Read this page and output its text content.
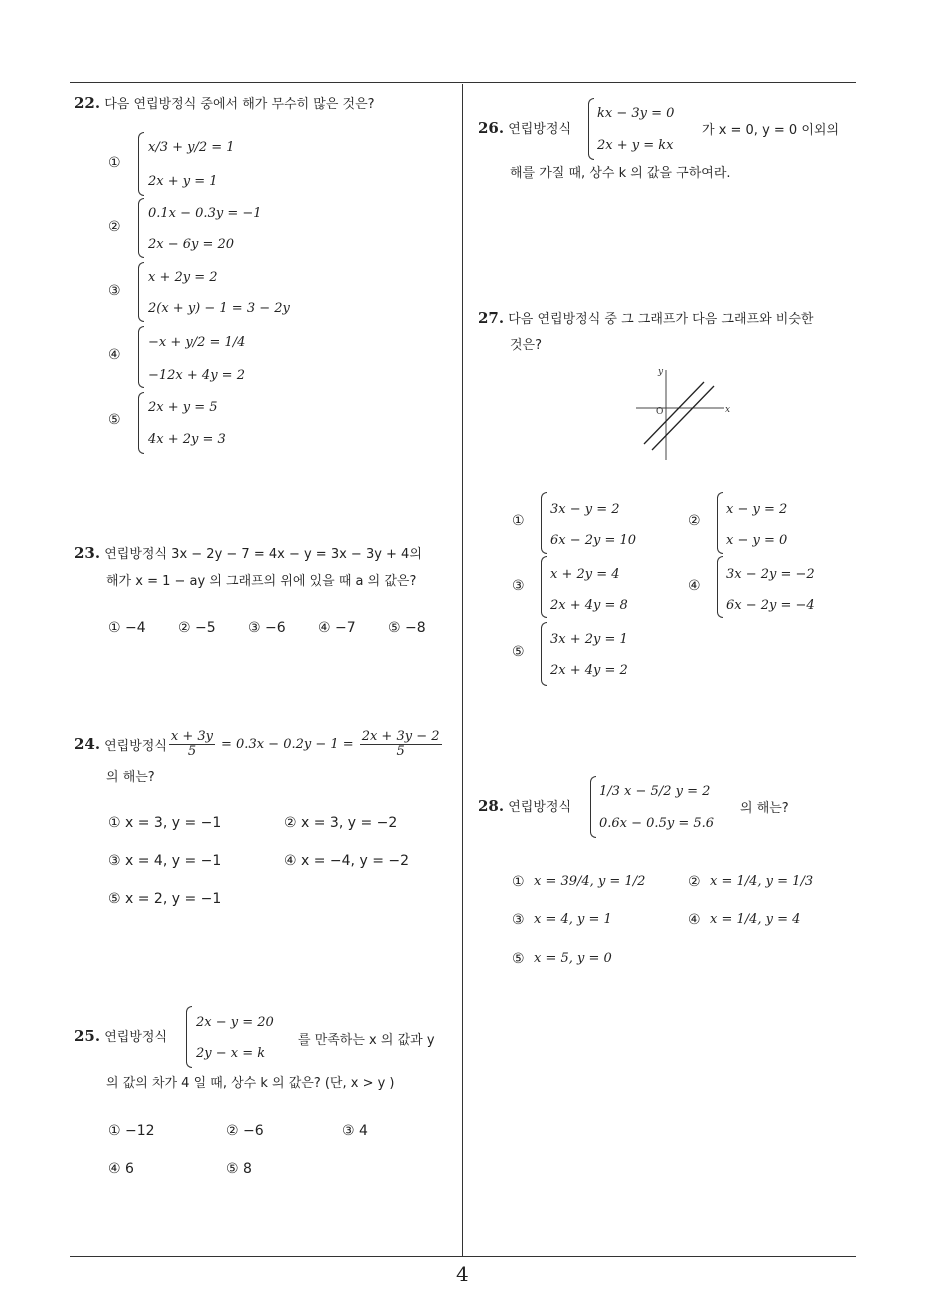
4
22. 다음 연립방정식 중에서 해가 무수히 많은 것은?
①
x/3 + y/2 = 1
2x + y = 1
②
0.1x − 0.3y = −1
2x − 6y = 20
③
x + 2y = 2
2(x + y) − 1 = 3 − 2y
④
−x + y/2 = 1/4
−12x + 4y = 2
⑤
2x + y = 5
4x + 2y = 3
23. 연립방정식 3x − 2y − 7 = 4x − y = 3x − 3y + 4의
해가 x = 1 − ay 의 그래프의 위에 있을 때 a 의 값은?
① −4 ② −5 ③ −6 ④ −7 ⑤ −8
24. 연립방정식 $\frac{x + 3y}{5} = 0.3x - 0.2y - 1 = \frac{2x + 3y - 2}{5}$
의 해는?
① x = 3, y = −1	② x = 3, y = −2
③ x = 4, y = −1	④ x = −4, y = −2
⑤ x = 2, y = −1
25. 연립방정식
2x − y = 20
2y − x = k
를 만족하는 x 의 값과 y
의 값의 차가 4 일 때, 상수 k 의 값은? (단, x > y )
① −12	② −6	③ 4
④ 6	⑤ 8
26. 연립방정식
kx − 3y = 0
2x + y = kx
가 x = 0, y = 0 이외의
해를 가질 때, 상수 k 의 값을 구하여라.
27. 다음 연립방정식 중 그 그래프가 다음 그래프와 비슷한
것은?
x
y
O
①
3x − y = 2
6x − 2y = 10
②
x − y = 2
x − y = 0
③
x + 2y = 4
2x + 4y = 8
④
3x − 2y = −2
6x − 2y = −4
⑤
3x + 2y = 1
2x + 4y = 2
28. 연립방정식
1/3 x − 5/2 y = 2
0.6x − 0.5y = 5.6
의 해는?
① x = 39/4, y = 1/2	② x = 1/4, y = 1/3
③ x = 4, y = 1	④ x = 1/4, y = 4
⑤ x = 5, y = 0
